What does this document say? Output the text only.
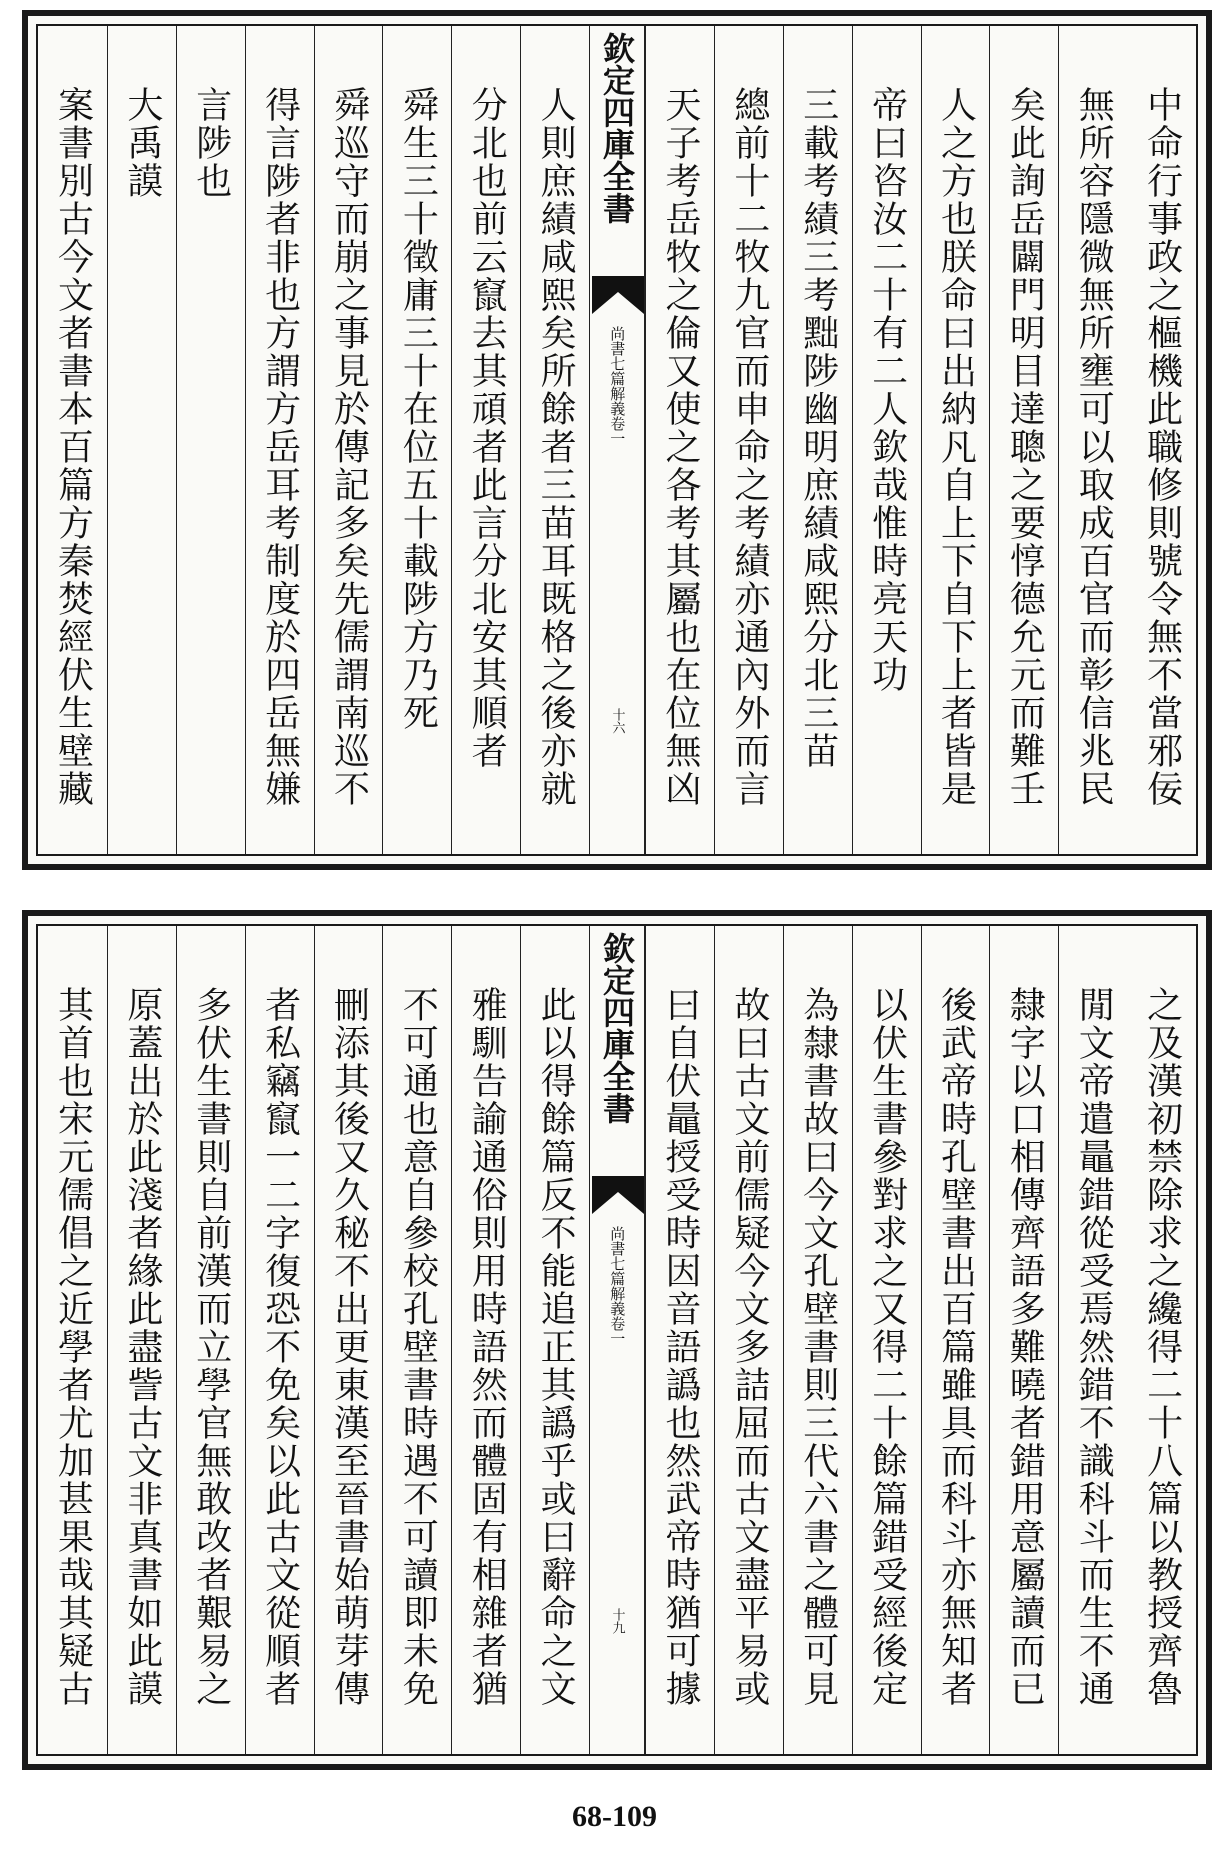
中命行事政之樞機此職修則號令無不當邪佞
無所容隱微無所壅可以取成百官而彰信兆民
矣此詢岳闢門明目達聰之要惇德允元而難壬
人之方也朕命曰出納凡自上下自下上者皆是
帝曰咨汝二十有二人欽哉惟時亮天功
三載考績三考黜陟幽明庶績咸熙分北三苗
總前十二牧九官而申命之考績亦通內外而言
天子考岳牧之倫又使之各考其屬也在位無凶
欽定四庫全書
尚書七篇解義卷一
十六
人則庶績咸熙矣所餘者三苗耳既格之後亦就
分北也前云竄去其頑者此言分北安其順者
舜生三十徵庸三十在位五十載陟方乃死
舜巡守而崩之事見於傳記多矣先儒謂南巡不
得言陟者非也方謂方岳耳考制度於四岳無嫌
言陟也
大禹謨
案書別古今文者書本百篇方秦焚經伏生壁藏
之及漢初禁除求之纔得二十八篇以教授齊魯
閒文帝遣鼂錯從受焉然錯不識科斗而生不通
隸字以口相傳齊語多難曉者錯用意屬讀而已
後武帝時孔壁書出百篇雖具而科斗亦無知者
以伏生書參對求之又得二十餘篇錯受經後定
為隸書故曰今文孔壁書則三代六書之體可見
故曰古文前儒疑今文多詰屈而古文盡平易或
曰自伏鼂授受時因音語譌也然武帝時猶可據
欽定四庫全書
尚書七篇解義卷一
十九
此以得餘篇反不能追正其譌乎或曰辭命之文
雅馴告諭通俗則用時語然而體固有相雜者猶
不可通也意自參校孔壁書時遇不可讀即未免
刪添其後又久秘不出更東漢至晉書始萌芽傳
者私竊竄一二字復恐不免矣以此古文從順者
多伏生書則自前漢而立學官無敢改者艱易之
原蓋出於此淺者緣此盡訾古文非真書如此謨
其首也宋元儒倡之近學者尤加甚果哉其疑古
68-109
